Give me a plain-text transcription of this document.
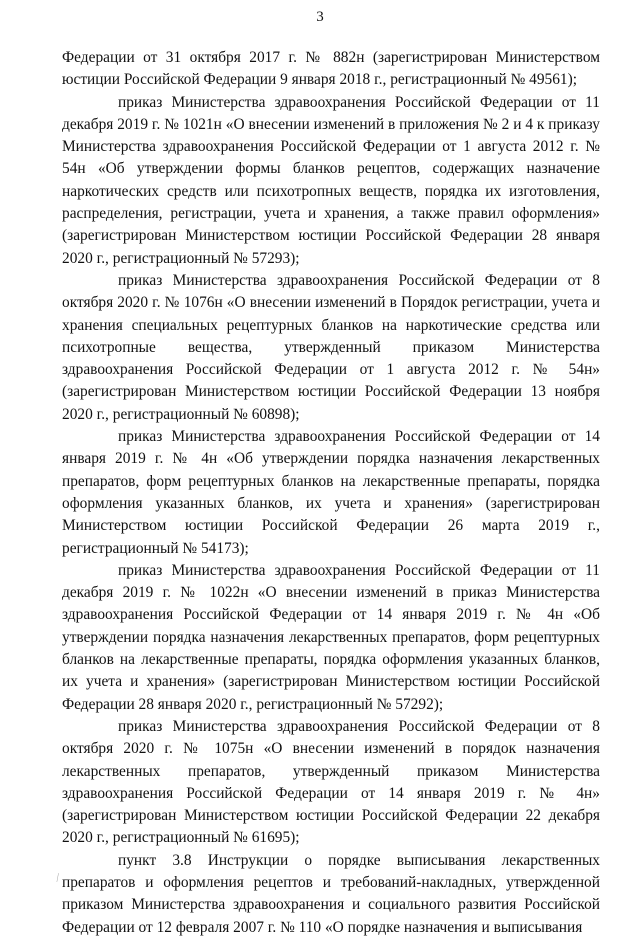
3

Федерации от 31 октября 2017 г. № 882н (зарегистрирован Министерством юстиции Российской Федерации 9 января 2018 г., регистрационный № 49561);

приказ Министерства здравоохранения Российской Федерации от 11 декабря 2019 г. № 1021н «О внесении изменений в приложения № 2 и 4 к приказу Министерства здравоохранения Российской Федерации от 1 августа 2012 г. № 54н «Об утверждении формы бланков рецептов, содержащих назначение наркотических средств или психотропных веществ, порядка их изготовления, распределения, регистрации, учета и хранения, а также правил оформления» (зарегистрирован Министерством юстиции Российской Федерации 28 января 2020 г., регистрационный № 57293);

приказ Министерства здравоохранения Российской Федерации от 8 октября 2020 г. № 1076н «О внесении изменений в Порядок регистрации, учета и хранения специальных рецептурных бланков на наркотические средства или психотропные вещества, утвержденный приказом Министерства здравоохранения Российской Федерации от 1 августа 2012 г. № 54н» (зарегистрирован Министерством юстиции Российской Федерации 13 ноября 2020 г., регистрационный № 60898);

приказ Министерства здравоохранения Российской Федерации от 14 января 2019 г. № 4н «Об утверждении порядка назначения лекарственных препаратов, форм рецептурных бланков на лекарственные препараты, порядка оформления указанных бланков, их учета и хранения» (зарегистрирован Министерством юстиции Российской Федерации 26 марта 2019 г., регистрационный № 54173);

приказ Министерства здравоохранения Российской Федерации от 11 декабря 2019 г. № 1022н «О внесении изменений в приказ Министерства здравоохранения Российской Федерации от 14 января 2019 г. № 4н «Об утверждении порядка назначения лекарственных препаратов, форм рецептурных бланков на лекарственные препараты, порядка оформления указанных бланков, их учета и хранения» (зарегистрирован Министерством юстиции Российской Федерации 28 января 2020 г., регистрационный № 57292);

приказ Министерства здравоохранения Российской Федерации от 8 октября 2020 г. № 1075н «О внесении изменений в порядок назначения лекарственных препаратов, утвержденный приказом Министерства здравоохранения Российской Федерации от 14 января 2019 г. № 4н» (зарегистрирован Министерством юстиции Российской Федерации 22 декабря 2020 г., регистрационный № 61695);

пункт 3.8 Инструкции о порядке выписывания лекарственных препаратов и оформления рецептов и требований-накладных, утвержденной приказом Министерства здравоохранения и социального развития Российской Федерации от 12 февраля 2007 г. № 110 «О порядке назначения и выписывания

⁄
